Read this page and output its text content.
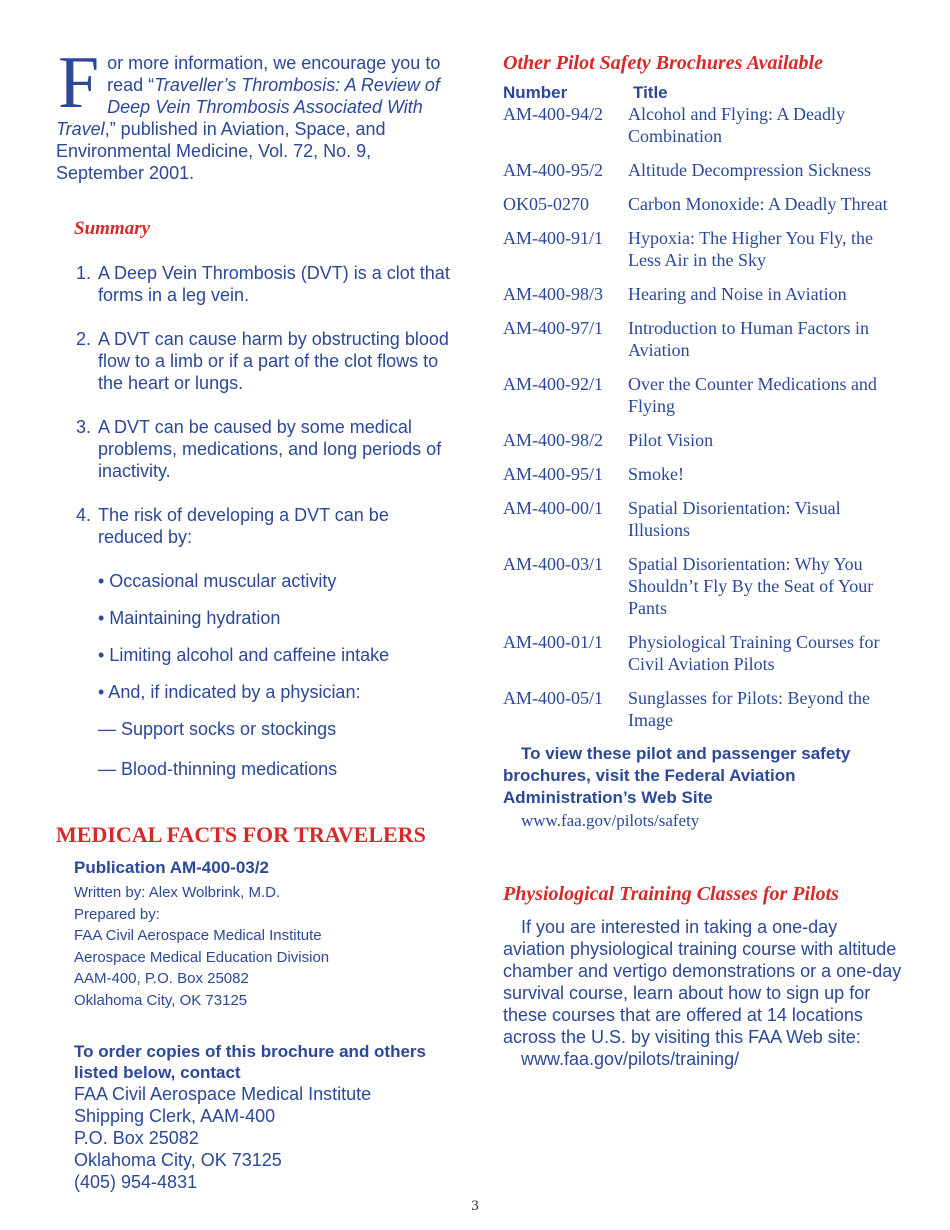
For more information, we encourage you to read “Traveller’s Thrombosis: A Review of Deep Vein Thrombosis Associated With Travel,” published in Aviation, Space, and Environmental Medicine, Vol. 72, No. 9, September 2001.

Summary
1. A Deep Vein Thrombosis (DVT) is a clot that forms in a leg vein.
2. A DVT can cause harm by obstructing blood flow to a limb or if a part of the clot flows to the heart or lungs.
3. A DVT can be caused by some medical problems, medications, and long periods of inactivity.
4. The risk of developing a DVT can be reduced by:
• Occasional muscular activity
• Maintaining hydration
• Limiting alcohol and caffeine intake
• And, if indicated by a physician:
— Support socks or stockings
— Blood-thinning medications
MEDICAL FACTS FOR TRAVELERS
Publication AM-400-03/2
Written by: Alex Wolbrink, M.D.
Prepared by:
FAA Civil Aerospace Medical Institute
Aerospace Medical Education Division
AAM-400, P.O. Box 25082
Oklahoma City, OK 73125
To order copies of this brochure and others listed below, contact
FAA Civil Aerospace Medical Institute
Shipping Clerk, AAM-400
P.O. Box 25082
Oklahoma City, OK 73125
(405) 954-4831
Other Pilot Safety Brochures Available
Number	Title
AM-400-94/2	Alcohol and Flying: A Deadly Combination
AM-400-95/2	Altitude Decompression Sickness
OK05-0270	Carbon Monoxide: A Deadly Threat
AM-400-91/1	Hypoxia: The Higher You Fly, the Less Air in the Sky
AM-400-98/3	Hearing and Noise in Aviation
AM-400-97/1	Introduction to Human Factors in Aviation
AM-400-92/1	Over the Counter Medications and Flying
AM-400-98/2	Pilot Vision
AM-400-95/1	Smoke!
AM-400-00/1	Spatial Disorientation: Visual Illusions
AM-400-03/1	Spatial Disorientation: Why You Shouldn’t Fly By the Seat of Your Pants
AM-400-01/1	Physiological Training Courses for Civil Aviation Pilots
AM-400-05/1	Sunglasses for Pilots: Beyond the Image
To view these pilot and passenger safety brochures, visit the Federal Aviation Administration’s Web Site
www.faa.gov/pilots/safety
Physiological Training Classes for Pilots

If you are interested in taking a one-day aviation physiological training course with altitude chamber and vertigo demonstrations or a one-day survival course, learn about how to sign up for these courses that are offered at 14 locations across the U.S. by visiting this FAA Web site:

www.faa.gov/pilots/training/
3
